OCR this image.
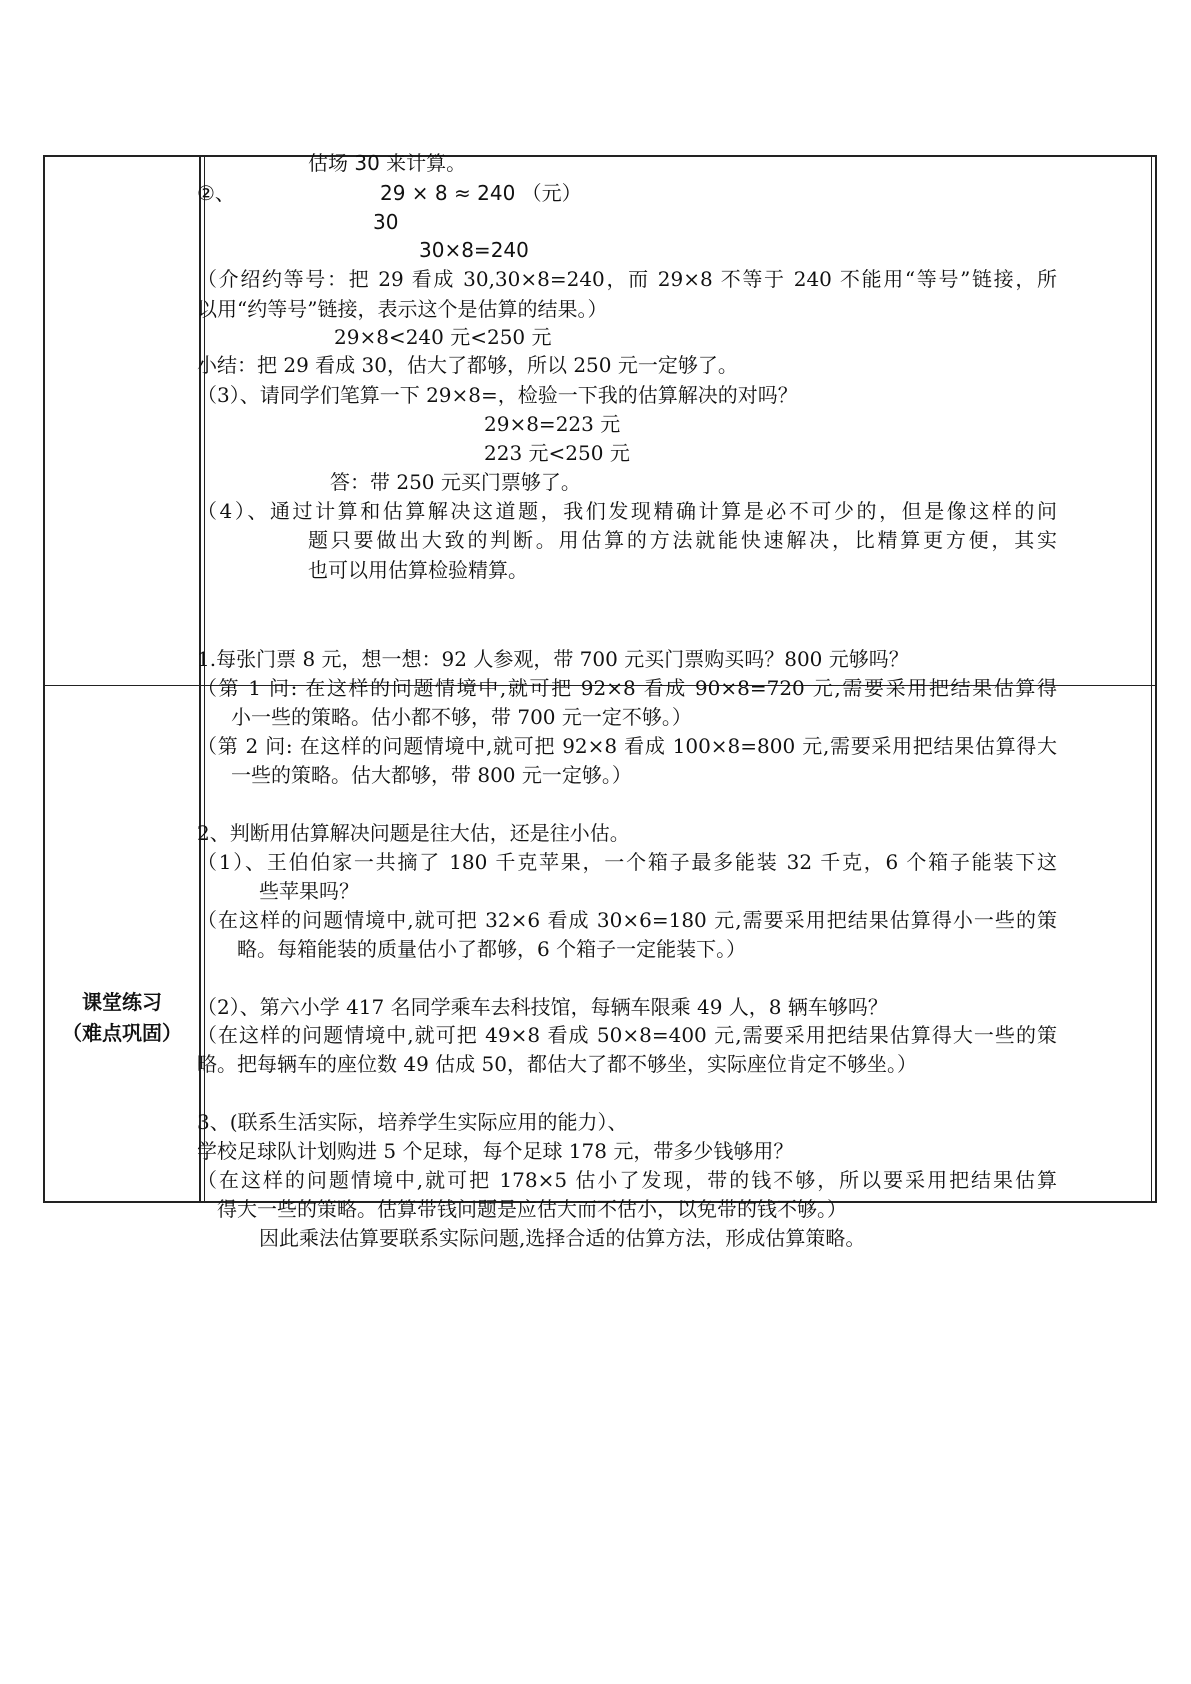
课堂练习
（难点巩固）
估场 30 来计算。
②、	29 × 8 ≈ 240 （元）
30
30×8=240
（介绍约等号：把 29 看成 30,30×8=240，而 29×8 不等于 240 不能用“等号”链接，所
以用“约等号”链接，表示这个是估算的结果。）
29×8<240 元<250 元
小结：把 29 看成 30，估大了都够，所以 250 元一定够了。
（3）、请同学们笔算一下 29×8=，检验一下我的估算解决的对吗？
29×8=223 元
223 元<250 元
答：带 250 元买门票够了。
（4）、通过计算和估算解决这道题，我们发现精确计算是必不可少的，但是像这样的问
题只要做出大致的判断。用估算的方法就能快速解决，比精算更方便，其实
也可以用估算检验精算。
1.每张门票 8 元，想一想：92 人参观，带 700 元买门票购买吗？800 元够吗？
（第 1 问: 在这样的问题情境中,就可把 92×8 看成 90×8=720 元,需要采用把结果估算得
小一些的策略。估小都不够，带 700 元一定不够。）
（第 2 问: 在这样的问题情境中,就可把 92×8 看成 100×8=800 元,需要采用把结果估算得大
一些的策略。估大都够，带 800 元一定够。）
2、判断用估算解决问题是往大估，还是往小估。
（1）、王伯伯家一共摘了 180 千克苹果，一个箱子最多能装 32 千克，6 个箱子能装下这
些苹果吗？
（在这样的问题情境中,就可把 32×6 看成 30×6=180 元,需要采用把结果估算得小一些的策
略。每箱能装的质量估小了都够，6 个箱子一定能装下。）
（2）、第六小学 417 名同学乘车去科技馆，每辆车限乘 49 人，8 辆车够吗？
（在这样的问题情境中,就可把 49×8 看成 50×8=400 元,需要采用把结果估算得大一些的策
略。把每辆车的座位数 49 估成 50，都估大了都不够坐，实际座位肯定不够坐。）
3、(联系生活实际，培养学生实际应用的能力）、
学校足球队计划购进 5 个足球，每个足球 178 元，带多少钱够用？
（在这样的问题情境中,就可把 178×5 估小了发现，带的钱不够，所以要采用把结果估算
得大一些的策略。估算带钱问题是应估大而不估小，以免带的钱不够。）
因此乘法估算要联系实际问题,选择合适的估算方法，形成估算策略。
